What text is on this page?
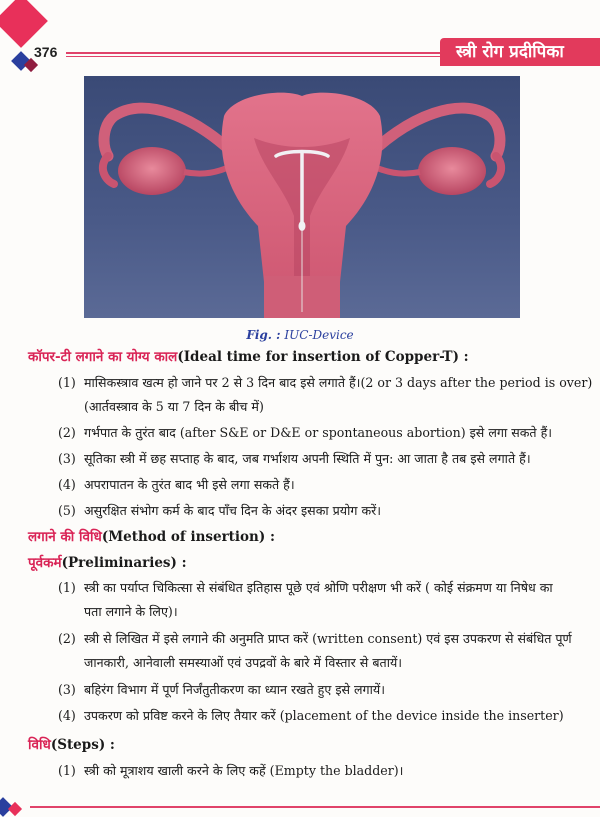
376	स्त्री रोग प्रदीपिका
Fig. : IUC-Device
कॉपर-टी लगाने का योग्य काल(Ideal time for insertion of Copper-T) :
(1) मासिकस्त्राव खत्म हो जाने पर 2 से 3 दिन बाद इसे लगाते हैं।(2 or 3 days after the period is over)
(आर्तवस्त्राव के 5 या 7 दिन के बीच में)
(2) गर्भपात के तुरंत बाद (after S&E or D&E or spontaneous abortion) इसे लगा सकते हैं।
(3) सूतिका स्त्री में छह सप्ताह के बाद, जब गर्भाशय अपनी स्थिति में पुन: आ जाता है तब इसे लगाते हैं।
(4) अपरापातन के तुरंत बाद भी इसे लगा सकते हैं।
(5) असुरक्षित संभोग कर्म के बाद पाँच दिन के अंदर इसका प्रयोग करें।
लगाने की विधि(Method of insertion) :
पूर्वकर्म(Preliminaries) :
(1) स्त्री का पर्याप्त चिकित्सा से संबंधित इतिहास पूछे एवं श्रोणि परीक्षण भी करें ( कोई संक्रमण या निषेध का
पता लगाने के लिए)।
(2) स्त्री से लिखित में इसे लगाने की अनुमति प्राप्त करें (written consent) एवं इस उपकरण से संबंधित पूर्ण
जानकारी, आनेवाली समस्याओं एवं उपद्रवों के बारे में विस्तार से बतायें।
(3) बहिरंग विभाग में पूर्ण निर्जंतुतीकरण का ध्यान रखते हुए इसे लगायें।
(4) उपकरण को प्रविष्ट करने के लिए तैयार करें (placement of the device inside the inserter)
विधि(Steps) :
(1) स्त्री को मूत्राशय खाली करने के लिए कहें (Empty the bladder)।
